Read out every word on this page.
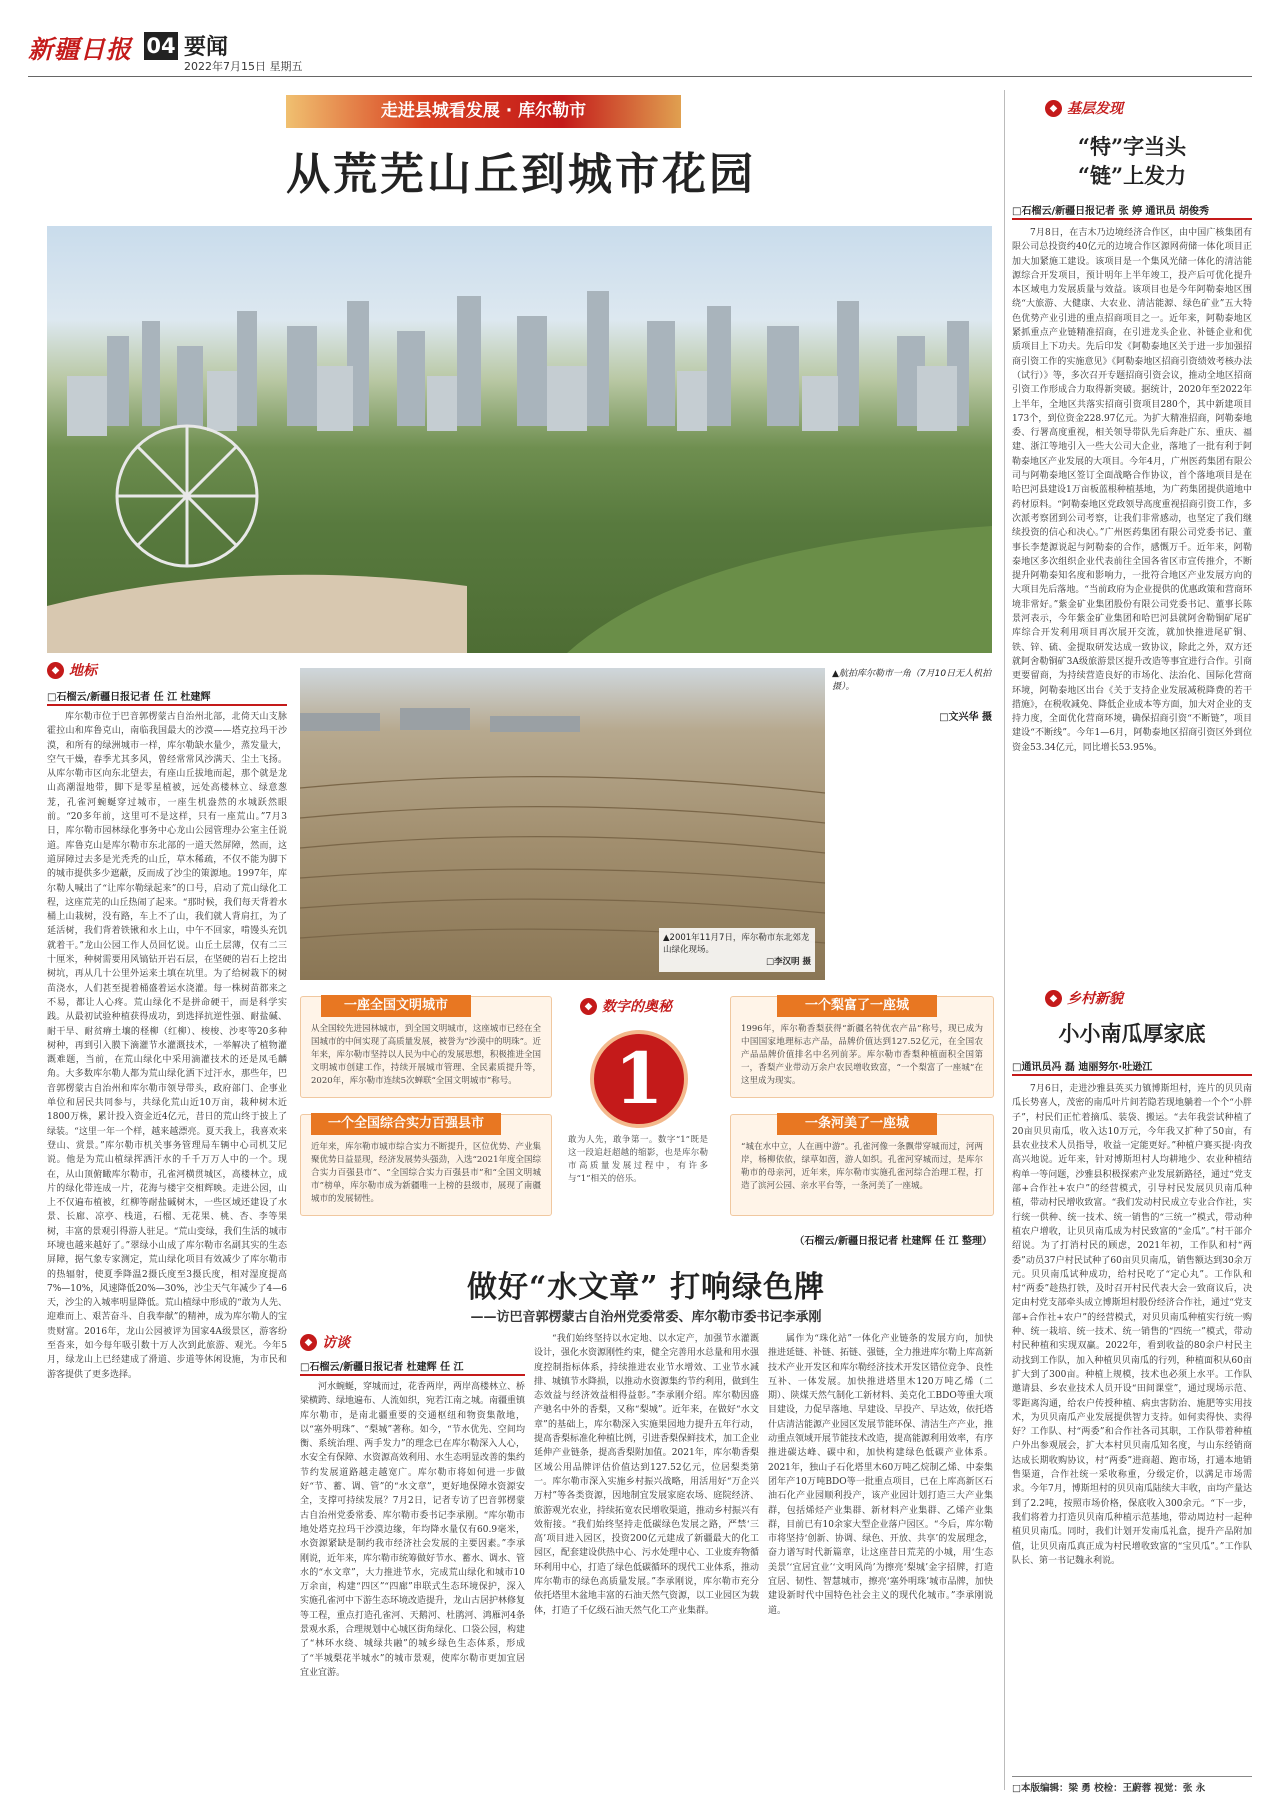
新疆日报 04 要闻
2022年7月15日 星期五
走进县城看发展 · 库尔勒市
从荒芜山丘到城市花园
◆ 地标
□石榴云/新疆日报记者 任 江 杜建辉
库尔勒市位于巴音郭楞蒙古自治州北部，北倚天山支脉霍拉山和库鲁克山，南临我国最大的沙漠——塔克拉玛干沙漠，和所有的绿洲城市一样，库尔勒缺水量少，蒸发量大，空气干燥，春季尤其多风，曾经常常风沙满天、尘土飞扬。从库尔勒市区向东北望去，有座山丘拔地而起，那个就是龙山高潮湿地带，脚下是零星植被，远处高楼林立、绿意葱茏，孔雀河蜿蜒穿过城市，一座生机盎然的水城跃然眼前。“20多年前，这里可不是这样，只有一座荒山。”7月3日，库尔勒市园林绿化事务中心龙山公园管理办公室主任说道。库鲁克山是库尔勒市东北部的一道天然屏障，然而，这道屏障过去多是光秃秃的山丘，草木稀疏，不仅不能为脚下的城市提供多少遮蔽，反而成了沙尘的策源地。1997年，库尔勒人喊出了“让库尔勒绿起来”的口号，启动了荒山绿化工程，这座荒芜的山丘热闹了起来。“那时候，我们每天背着水桶上山栽树，没有路，车上不了山，我们就人背肩扛，为了延活树，我们背着铁锹和水上山，中午不回家，啃馒头充饥就着干。”龙山公园工作人员回忆说。山丘土层薄，仅有二三十厘米，种树需要用风镐钻开岩石层，在坚硬的岩石上挖出树坑，再从几十公里外运来土填在坑里。为了给树栽下的树苗浇水，人们甚至提着桶盛着运水浇灌。每一株树苗都来之不易，都让人心疼。荒山绿化不是拼命硬干，而是科学实践。从最初试验种植获得成功，到选择抗逆性强、耐盐碱、耐干旱、耐贫瘠土壤的柽柳（红柳）、梭梭、沙枣等20多种树种，再到引入膜下滴灌节水灌溉技术，一举解决了植物灌溉难题，当前，在荒山绿化中采用滴灌技术的还是凤毛麟角。大多数库尔勒人都为荒山绿化洒下过汗水，那些年，巴音郭楞蒙古自治州和库尔勒市领导带头，政府部门、企事业单位和居民共同参与，共绿化荒山近10万亩，栽种树木近1800万株，累计投入资金近4亿元，昔日的荒山终于披上了绿装。“这里一年一个样，越来越漂亮。夏天我上，我喜欢来登山、赏景。”库尔勒市机关事务管理局车辆中心司机艾尼说。他是为荒山植绿挥洒汗水的千千万万人中的一个。现在，从山顶俯瞰库尔勒市，孔雀河横贯城区，高楼林立，成片的绿化带连成一片，花海与楼宇交相辉映。走进公园，山上不仅遍布植被，红柳等耐盐碱树木，一些区域还建设了水景、长廊、凉亭、栈道，石榴、无花果、桃、杏、李等果树，丰富的景观引得游人驻足。“荒山变绿，我们生活的城市环境也越来越好了。”翠绿小山成了库尔勒市名副其实的生态屏障，据气象专家测定，荒山绿化项目有效减少了库尔勒市的热辐射，使夏季降温2摄氏度至3摄氏度，相对湿度提高7%—10%，风速降低20%—30%，沙尘天气年减少了4—6天，沙尘的入城率明显降低。荒山植绿中形成的“敢为人先、迎难而上、艰苦奋斗、自我奉献”的精神，成为库尔勒人的宝贵财富。2016年，龙山公园被评为国家4A级景区，游客纷至沓来，如今每年吸引数十万人次到此旅游、观光。今年5月，绿龙山上已经建成了滑道、步道等休闲设施，为市民和游客提供了更多选择。
▲2001年11月7日，库尔勒市东北郊龙山绿化现场。
□李汉明 摄
▲航拍库尔勒市一角（7月10日无人机拍摄）。
□文兴华 摄
一座全国文明城市
从全国较先进园林城市，到全国文明城市，这座城市已经在全国城市的中间实现了高质量发展，被誉为“沙漠中的明珠”。近年来，库尔勒市坚持以人民为中心的发展思想，积极推进全国文明城市创建工作，持续开展城市管理、全民素质提升等，2020年，库尔勒市连续5次蝉联“全国文明城市”称号。
一个全国综合实力百强县市
近年来，库尔勒市城市综合实力不断提升，区位优势、产业集聚优势日益显现，经济发展势头强劲，入选“2021年度全国综合实力百强县市”、“全国综合实力百强县市”和“全国文明城市”榜单，库尔勒市成为新疆唯一上榜的县级市，展现了南疆城市的发展韧性。
◆ 数字的奥秘
1
敢为人先，敢争第一。数字“1”既是这一段追赶超越的缩影，也是库尔勒市高质量发展过程中，有许多与“1”相关的倍乐。
一个梨富了一座城
1996年，库尔勒香梨获得“新疆名特优农产品”称号，现已成为中国国家地理标志产品，品牌价值达到127.52亿元，在全国农产品品牌价值排名中名列前茅。库尔勒市香梨种植面积全国第一，香梨产业带动万余户农民增收致富，“一个梨富了一座城”在这里成为现实。
一条河美了一座城
“城在水中立，人在画中游”。孔雀河像一条飘带穿城而过，河两岸，杨柳依依，绿草如茵，游人如织。孔雀河穿城而过，是库尔勒市的母亲河，近年来，库尔勒市实施孔雀河综合治理工程，打造了滨河公园、亲水平台等，一条河美了一座城。
（石榴云/新疆日报记者 杜建辉 任 江 整理）
做好“水文章” 打响绿色牌
——访巴音郭楞蒙古自治州党委常委、库尔勒市委书记李承刚
◆ 访谈
□石榴云/新疆日报记者 杜建辉 任 江
河水蜿蜒，穿城而过，花香两岸，两岸高楼林立、桥梁横跨、绿地遍布、人流如织，宛若江南之城。南疆重镇库尔勒市，是南北疆重要的交通枢纽和物资集散地，以“塞外明珠”、“梨城”著称。如今，“节水优先、空间均衡、系统治理、两手发力”的理念已在库尔勒深入人心，水安全有保障、水资源高效利用、水生态明显改善的集约节约发展道路越走越宽广。库尔勒市将如何进一步做好“节、蓄、调、管”的“水文章”，更好地保障水资源安全，支撑可持续发展？7月2日，记者专访了巴音郭楞蒙古自治州党委常委、库尔勒市委书记李承刚。“库尔勒市地处塔克拉玛干沙漠边缘，年均降水量仅有60.9毫米，水资源紧缺是制约我市经济社会发展的主要因素。”李承刚说，近年来，库尔勒市统筹做好节水、蓄水、调水、管水的“水文章”，大力推进节水，完成荒山绿化和城市10万余亩，构建“四区”“四廊”串联式生态环境保护，深入实施孔雀河中下游生态环境改造提升，龙山古居护林修复等工程，重点打造孔雀河、天鹅河、杜鹃河、鸿雁河4条景观水系，合理规划中心城区街角绿化、口袋公园，构建了“林环水绕、城绿共融”的城乡绿色生态体系，形成了“半城梨花半城水”的城市景观，使库尔勒市更加宜居宜业宜游。
“我们始终坚持以水定地、以水定产，加强节水灌溉设计，强化水资源刚性约束，健全完善用水总量和用水强度控制指标体系，持续推进农业节水增效、工业节水减排、城镇节水降损，以推动水资源集约节约利用，做到生态效益与经济效益相得益彰。”李承刚介绍。库尔勒因盛产驰名中外的香梨，又称“梨城”。近年来，在做好“水文章”的基础上，库尔勒深入实施果园地力提升五年行动，提高香梨标准化种植比例，引进香梨保鲜技术，加工企业延伸产业链条，提高香梨附加值。2021年，库尔勒香梨区域公用品牌评估价值达到127.52亿元，位居梨类第一。库尔勒市深入实施乡村振兴战略，用活用好“万企兴万村”等各类资源，因地制宜发展家庭农场、庭院经济、旅游观光农业，持续拓宽农民增收渠道，推动乡村振兴有效衔接。“我们始终坚持走低碳绿色发展之路，严禁‘三高’项目进入园区，投资200亿元建成了新疆最大的化工园区，配套建设供热中心、污水处理中心、工业废弃物循环利用中心，打造了绿色低碳循环的现代工业体系，推动库尔勒市的绿色高质量发展。”李承刚说，库尔勒市充分依托塔里木盆地丰富的石油天然气资源，以工业园区为载体，打造了千亿级石油天然气化工产业集群。
属作为“珠化站”一体化产业链条的发展方向，加快推进延链、补链、拓链、强链，全力推进库尔勒上库高新技术产业开发区和库尔勒经济技术开发区错位竞争、良性互补、一体发展。加快推进塔里木120万吨乙烯（二期）、陕煤天然气制化工新材料、美克化工BDO等重大项目建设，力促早落地、早建设、早投产、早达效，依托塔什店清洁能源产业园区发展节能环保、清洁生产产业，推动重点领域开展节能技术改造，提高能源利用效率，有序推进碳达峰、碳中和，加快构建绿色低碳产业体系。2021年，独山子石化塔里木60万吨乙烷制乙烯、中泰集团年产10万吨BDO等一批重点项目，已在上库高新区石油石化产业园顺利投产，该产业园计划打造三大产业集群，包括烯烃产业集群、新材料产业集群、乙烯产业集群，目前已有10余家大型企业落户园区。“今后，库尔勒市将坚持‘创新、协调、绿色、开放、共享’的发展理念，奋力谱写时代新篇章，让这座昔日荒芜的小城，用‘生态美景’‘宜居宜业’‘文明风尚’为擦亮‘梨城’金字招牌，打造宜居、韧性、智慧城市，擦亮‘塞外明珠’城市品牌，加快建设新时代中国特色社会主义的现代化城市。”李承刚说道。
◆ 基层发现
“特”字当头
“链”上发力
□石榴云/新疆日报记者 张 婷 通讯员 胡俊秀
7月8日，在吉木乃边境经济合作区，由中国广核集团有限公司总投资约40亿元的边境合作区源网荷储一体化项目正加大加紧施工建设。该项目是一个集风光储一体化的清洁能源综合开发项目，预计明年上半年竣工，投产后可优化提升本区域电力发展质量与效益。该项目也是今年阿勒泰地区围绕“大旅游、大健康、大农业、清洁能源、绿色矿业”五大特色优势产业引进的重点招商项目之一。近年来，阿勒泰地区紧抓重点产业链精准招商，在引进龙头企业、补链企业和优质项目上下功夫。先后印发《阿勒泰地区关于进一步加强招商引资工作的实施意见》《阿勒泰地区招商引资绩效考核办法（试行）》等，多次召开专题招商引资会议，推动全地区招商引资工作形成合力取得新突破。据统计，2020年至2022年上半年，全地区共落实招商引资项目280个，其中新建项目173个，到位资金228.97亿元。为扩大精准招商，阿勒泰地委、行署高度重视，相关领导带队先后奔赴广东、重庆、福建、浙江等地引入一些大公司大企业，落地了一批有利于阿勒泰地区产业发展的大项目。今年4月，广州医药集团有限公司与阿勒泰地区签订全面战略合作协议，首个落地项目是在哈巴河县建设1万亩板蓝根种植基地，为广药集团提供道地中药材原料。“阿勒泰地区党政领导高度重视招商引资工作，多次派考察团到公司考察，让我们非常感动，也坚定了我们继续投资的信心和决心。”广州医药集团有限公司党委书记、董事长李楚源说起与阿勒泰的合作，感慨万千。近年来，阿勒泰地区多次组织企业代表前往全国各省区市宣传推介，不断提升阿勒泰知名度和影响力，一批符合地区产业发展方向的大项目先后落地。“当前政府为企业提供的优惠政策和营商环境非常好。”紫金矿业集团股份有限公司党委书记、董事长陈景河表示，今年紫金矿业集团和哈巴河县就阿舍勒铜矿尾矿库综合开发利用项目再次展开交流，就加快推进尾矿铜、铁、锌、硫、金提取研发达成一致协议，除此之外，双方还就阿舍勒铜矿3A级旅游景区提升改造等事宜进行合作。引商更要留商，为持续营造良好的市场化、法治化、国际化营商环境，阿勒泰地区出台《关于支持企业发展减税降费的若干措施》，在税收减免、降低企业成本等方面，加大对企业的支持力度，全面优化营商环境，确保招商引资“不断链”，项目建设“不断线”。今年1—6月，阿勒泰地区招商引资区外到位资金53.34亿元，同比增长53.95%。
◆ 乡村新貌
小小南瓜厚家底
□通讯员冯 磊 迪丽努尔·吐逊江
7月6日，走进沙雅县英买力镇博斯坦村，连片的贝贝南瓜长势喜人，茂密的南瓜叶片间若隐若现地躺着一个个“小胖子”，村民们正忙着摘瓜、装袋、搬运。“去年我尝试种植了20亩贝贝南瓜，收入达10万元，今年我又扩种了50亩，有县农业技术人员指导，收益一定能更好。”种植户赛买提·肉孜高兴地说。近年来，针对博斯坦村人均耕地少、农业种植结构单一等问题，沙雅县积极探索产业发展新路径，通过“党支部+合作社+农户”的经营模式，引导村民发展贝贝南瓜种植，带动村民增收致富。“我们发动村民成立专业合作社，实行统一供种、统一技术、统一销售的“三统一”模式，带动种植农户增收，让贝贝南瓜成为村民致富的“金瓜”。”村干部介绍说。为了打消村民的顾虑，2021年初，工作队和村“两委”动员37户村民试种了60亩贝贝南瓜，销售额达到30余万元。贝贝南瓜试种成功，给村民吃了“定心丸”。工作队和村“两委”趁热打铁，及时召开村民代表大会一致商议后，决定由村党支部牵头成立博斯坦村股份经济合作社，通过“党支部+合作社+农户”的经营模式，对贝贝南瓜种植实行统一购种、统一栽培、统一技术、统一销售的“四统一”模式，带动村民种植和实现双赢。2022年，看到收益的80余户村民主动找到工作队，加入种植贝贝南瓜的行列，种植面积从60亩扩大到了300亩。种植上规模，技术也必须上水平。工作队邀请县、乡农业技术人员开设“田间课堂”，通过现场示范、零距离沟通，给农户传授种植、病虫害防治、施肥等实用技术，为贝贝南瓜产业发展提供智力支持。如何卖得快、卖得好？工作队、村“两委”和合作社各司其职，工作队带着种植户外出参观展会，扩大本村贝贝南瓜知名度，与山东经销商达成长期收购协议，村“两委”进商超、跑市场，打通本地销售渠道，合作社统一采收称重，分级定价，以满足市场需求。今年7月，博斯坦村的贝贝南瓜陆续大丰收，亩均产量达到了2.2吨，按照市场价格，保底收入300余元。“下一步，我们将着力打造贝贝南瓜种植示范基地，带动周边村一起种植贝贝南瓜。同时，我们计划开发南瓜礼盒，提升产品附加值，让贝贝南瓜真正成为村民增收致富的“宝贝瓜”。”工作队队长、第一书记魏永利说。
□本版编辑：梁 勇 校检：王蔚蓉 视觉：张 永
